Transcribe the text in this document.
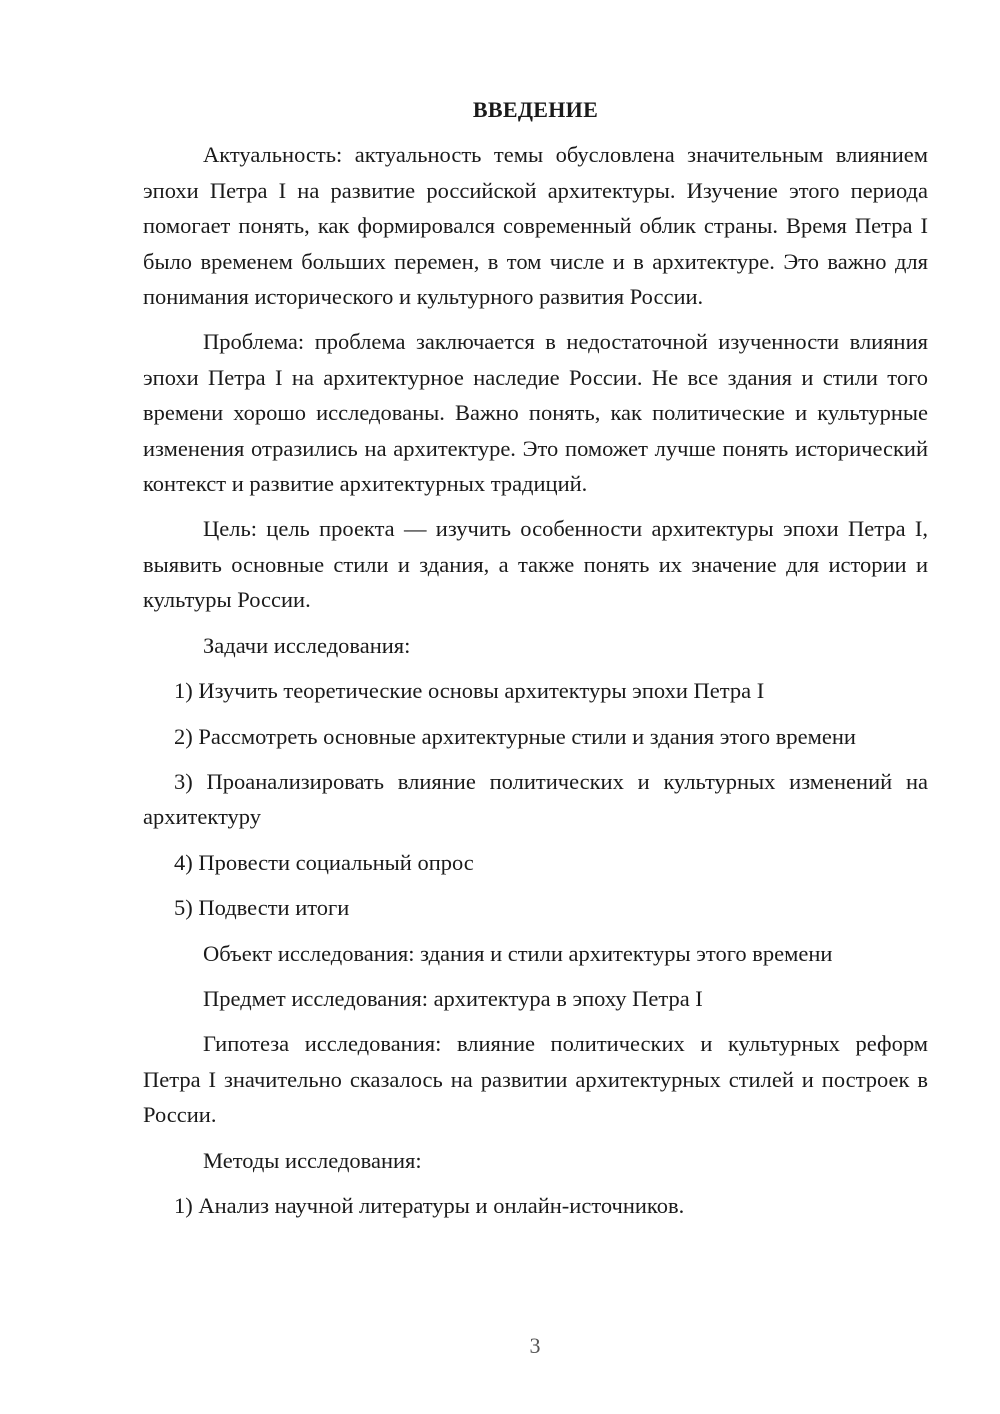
ВВЕДЕНИЕ

Актуальность: актуальность темы обусловлена значительным влиянием эпохи Петра I на развитие российской архитектуры. Изучение этого периода помогает понять, как формировался современный облик страны. Время Петра I было временем больших перемен, в том числе и в архитектуре. Это важно для понимания исторического и культурного развития России.

Проблема: проблема заключается в недостаточной изученности влияния эпохи Петра I на архитектурное наследие России. Не все здания и стили того времени хорошо исследованы. Важно понять, как политические и культурные изменения отразились на архитектуре. Это поможет лучше понять исторический контекст и развитие архитектурных традиций.

Цель: цель проекта — изучить особенности архитектуры эпохи Петра I, выявить основные стили и здания, а также понять их значение для истории и культуры России.

Задачи исследования:

1) Изучить теоретические основы архитектуры эпохи Петра I

2) Рассмотреть основные архитектурные стили и здания этого времени

3) Проанализировать влияние политических и культурных изменений на архитектуру

4) Провести социальный опрос

5) Подвести итоги

Объект исследования: здания и стили архитектуры этого времени

Предмет исследования: архитектура в эпоху Петра I

Гипотеза исследования: влияние политических и культурных реформ Петра I значительно сказалось на развитии архитектурных стилей и построек в России.

Методы исследования:

1) Анализ научной литературы и онлайн-источников.

3
